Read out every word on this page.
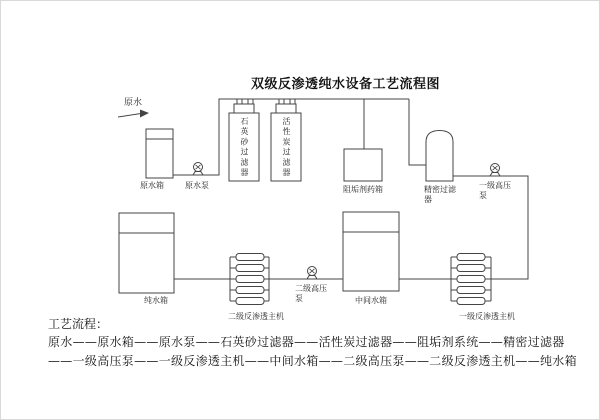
双级反渗透纯水设备工艺流程图
原水
原水箱	原水泵
石英砂过滤器	活性炭过滤器
阻垢剂药箱	精密过滤器
一级高压泵
一级反渗透主机
中间水箱
二级高压泵
二级反渗透主机
纯水箱
工艺流程：
原水——原水箱——原水泵——石英砂过滤器——活性炭过滤器——阻垢剂系统——精密过滤器
——一级高压泵——一级反渗透主机——中间水箱——二级高压泵——二级反渗透主机——纯水箱
